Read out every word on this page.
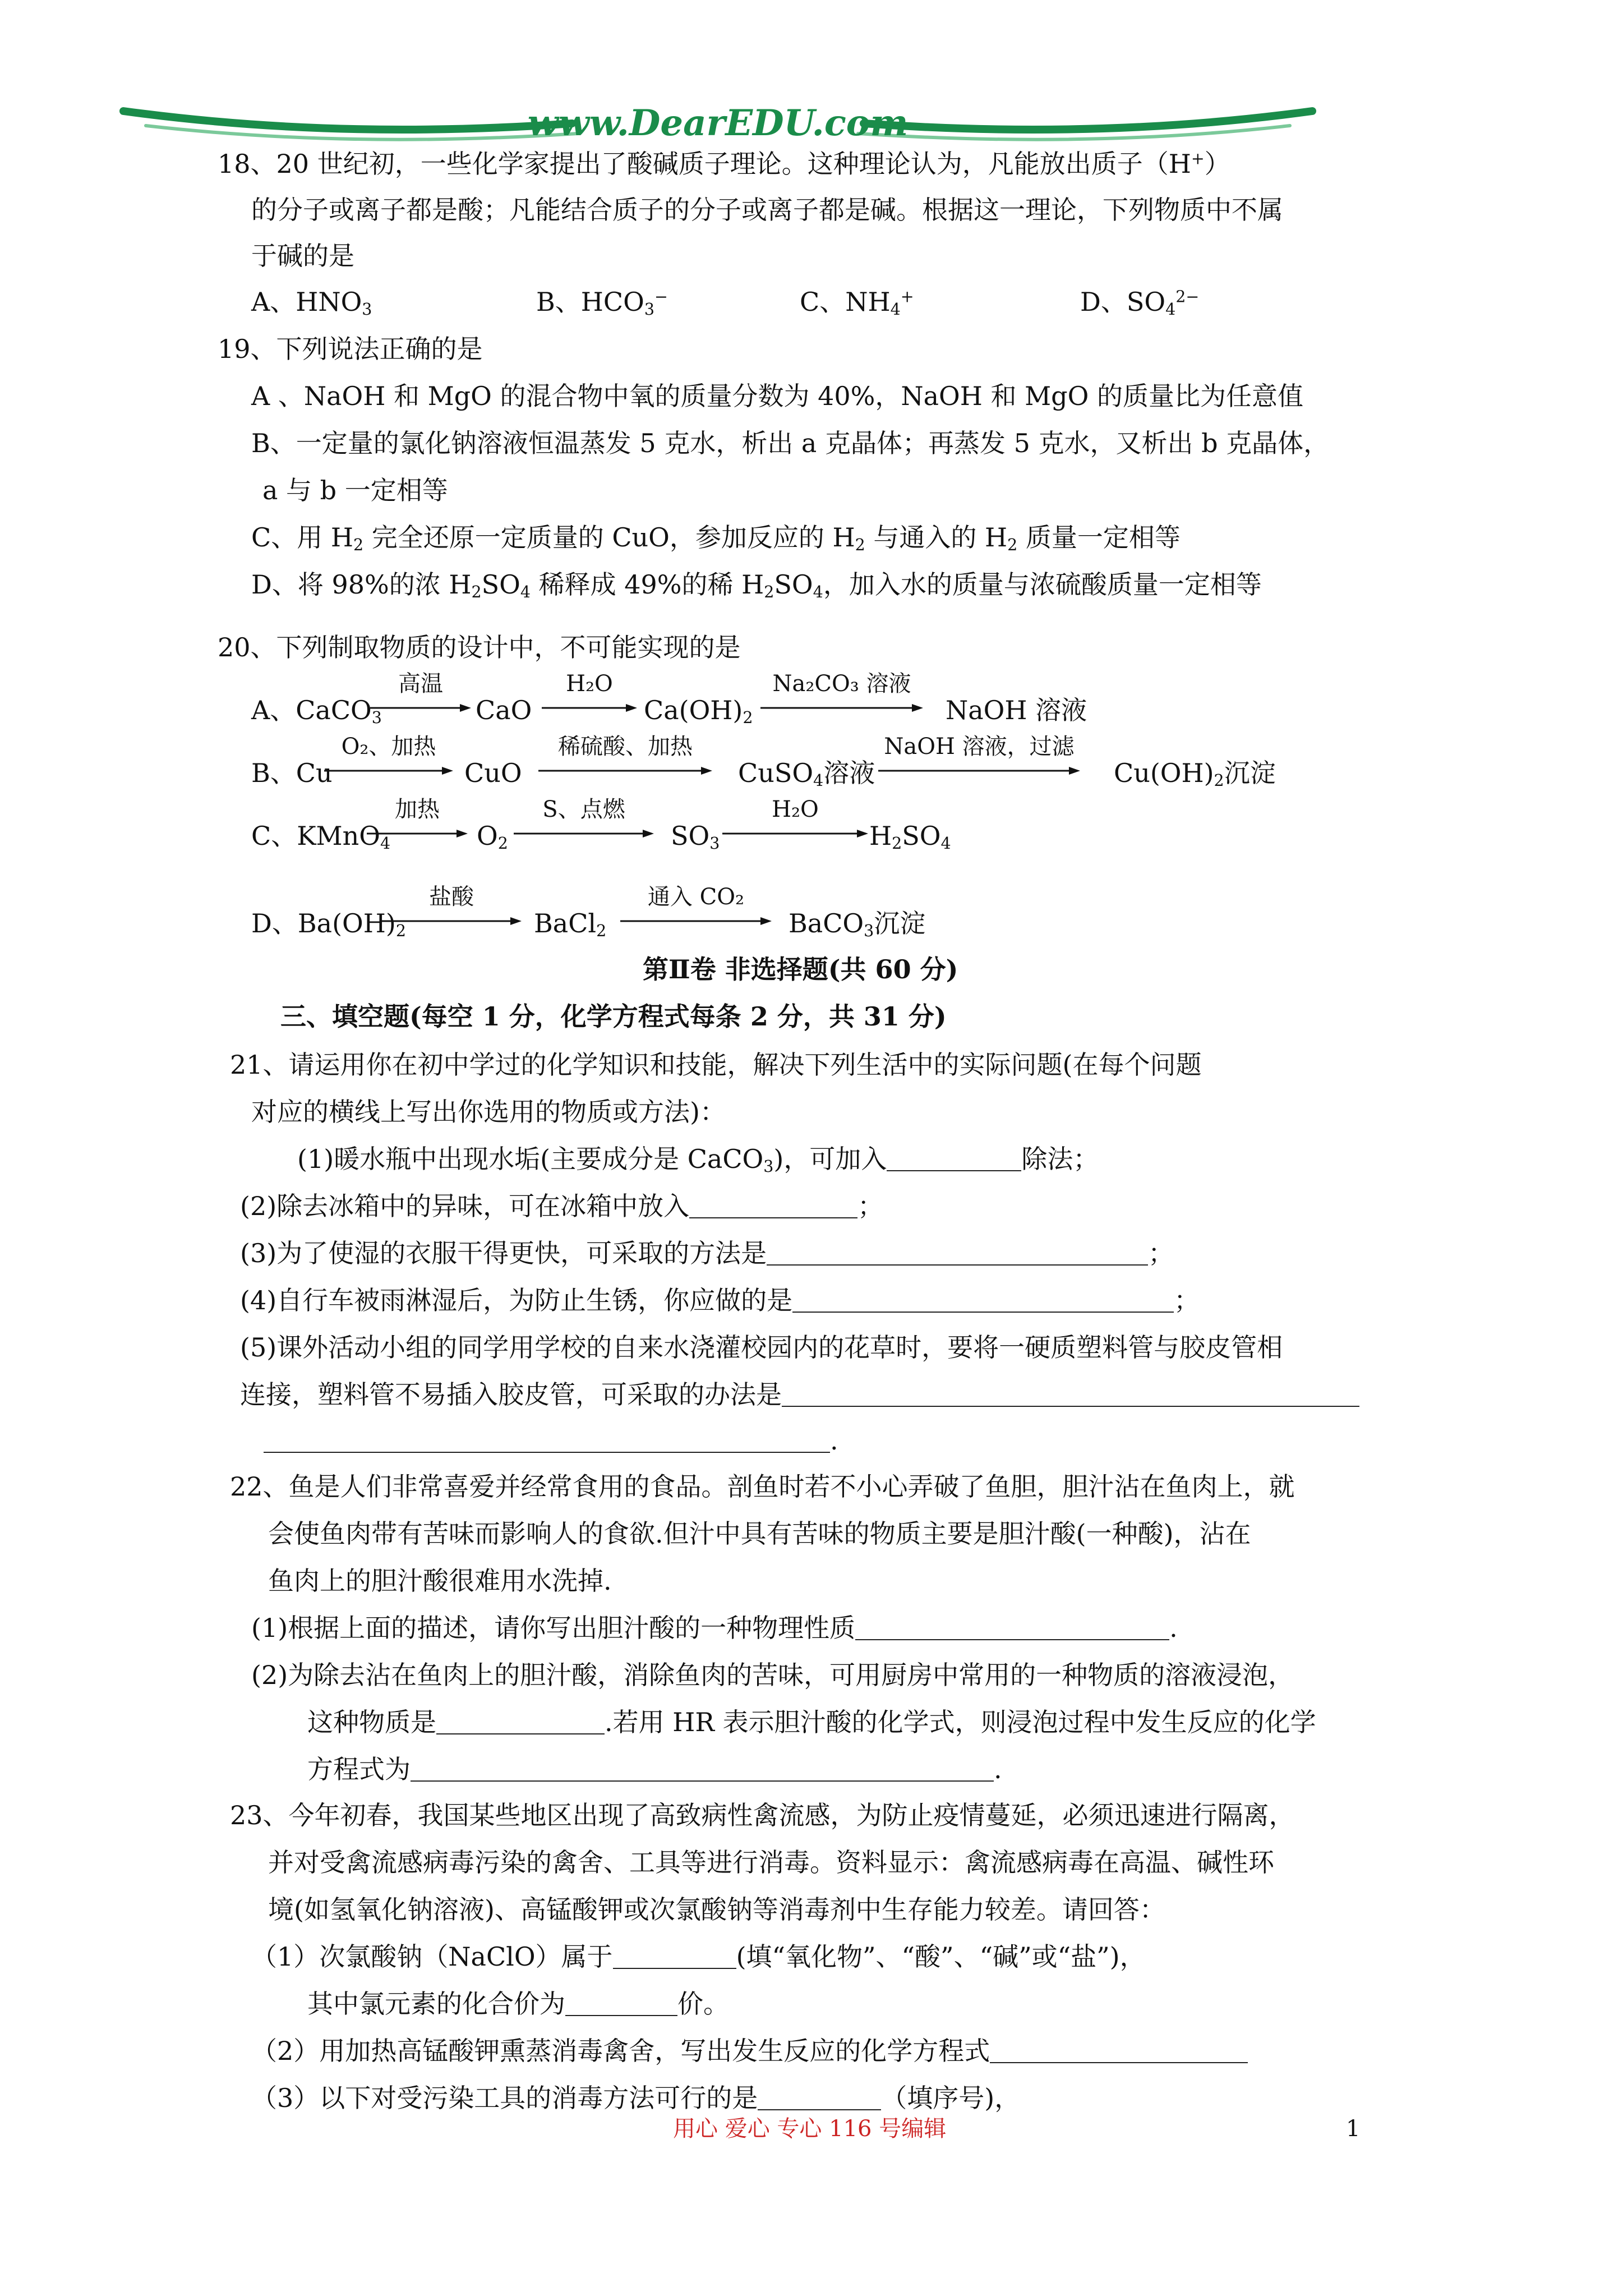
www.DearEDU.com
18、20 世纪初，一些化学家提出了酸碱质子理论。这种理论认为，凡能放出质子（H+）
的分子或离子都是酸；凡能结合质子的分子或离子都是碱。根据这一理论，下列物质中不属
于碱的是
A、$HNO_3$	B、$HCO_3^-$	C、$NH_4^+$	D、$SO_4^{2-}$
19、下列说法正确的是
A 、NaOH 和 MgO 的混合物中氧的质量分数为 40%，NaOH 和 MgO 的质量比为任意值
B、一定量的氯化钠溶液恒温蒸发 5 克水，析出 a 克晶体；再蒸发 5 克水，又析出 b 克晶体，
a 与 b 一定相等
C、用 $H_2$ 完全还原一定质量的 CuO，参加反应的 $H_2$ 与通入的 $H_2$ 质量一定相等
D、将 98%的浓 $H_2SO_4$ 稀释成 49%的稀 $H_2SO_4$，加入水的质量与浓硫酸质量一定相等
20、下列制取物质的设计中，不可能实现的是
A、CaCO$_3$
高温
CaO
H₂O
$Ca(OH)_2$
Na₂CO₃ 溶液
NaOH 溶液
B、Cu
O₂、加热
CuO
稀硫酸、加热
CuSO$_4$溶液
NaOH 溶液，过滤
$Cu(OH)_2$沉淀
C、KMnO$_4$
加热
$O_2$
S、点燃
$SO_3$
H₂O
$H_2SO_4$
D、$Ba(OH)_2$
盐酸
BaCl$_2$
通入 CO₂
BaCO$_3$沉淀
第Ⅱ卷 非选择题(共 60 分)
三、填空题(每空 1 分，化学方程式每条 2 分，共 31 分)
21、请运用你在初中学过的化学知识和技能，解决下列生活中的实际问题(在每个问题
对应的横线上写出你选用的物质或方法)：
(1)暖水瓶中出现水垢(主要成分是 CaCO$_3$)，可加入	除法；
(2)除去冰箱中的异味，可在冰箱中放入	；
(3)为了使湿的衣服干得更快，可采取的方法是	；
(4)自行车被雨淋湿后，为防止生锈，你应做的是	；
(5)课外活动小组的同学用学校的自来水浇灌校园内的花草时，要将一硬质塑料管与胶皮管相
连接，塑料管不易插入胶皮管，可采取的办法是
.
22、鱼是人们非常喜爱并经常食用的食品。剖鱼时若不小心弄破了鱼胆，胆汁沾在鱼肉上，就
会使鱼肉带有苦味而影响人的食欲.但汁中具有苦味的物质主要是胆汁酸(一种酸)，沾在
鱼肉上的胆汁酸很难用水洗掉.
(1)根据上面的描述，请你写出胆汁酸的一种物理性质	.
(2)为除去沾在鱼肉上的胆汁酸，消除鱼肉的苦味，可用厨房中常用的一种物质的溶液浸泡，
这种物质是	.若用 HR 表示胆汁酸的化学式，则浸泡过程中发生反应的化学
方程式为	.
23、今年初春，我国某些地区出现了高致病性禽流感，为防止疫情蔓延，必须迅速进行隔离，
并对受禽流感病毒污染的禽舍、工具等进行消毒。资料显示：禽流感病毒在高温、碱性环
境(如氢氧化钠溶液)、高锰酸钾或次氯酸钠等消毒剂中生存能力较差。请回答：
（1）次氯酸钠（NaClO）属于	(填“氧化物”、“酸”、“碱”或“盐”)，
其中氯元素的化合价为	价。
（2）用加热高锰酸钾熏蒸消毒禽舍，写出发生反应的化学方程式
（3）以下对受污染工具的消毒方法可行的是	（填序号)，
用心 爱心 专心 116 号编辑	1
